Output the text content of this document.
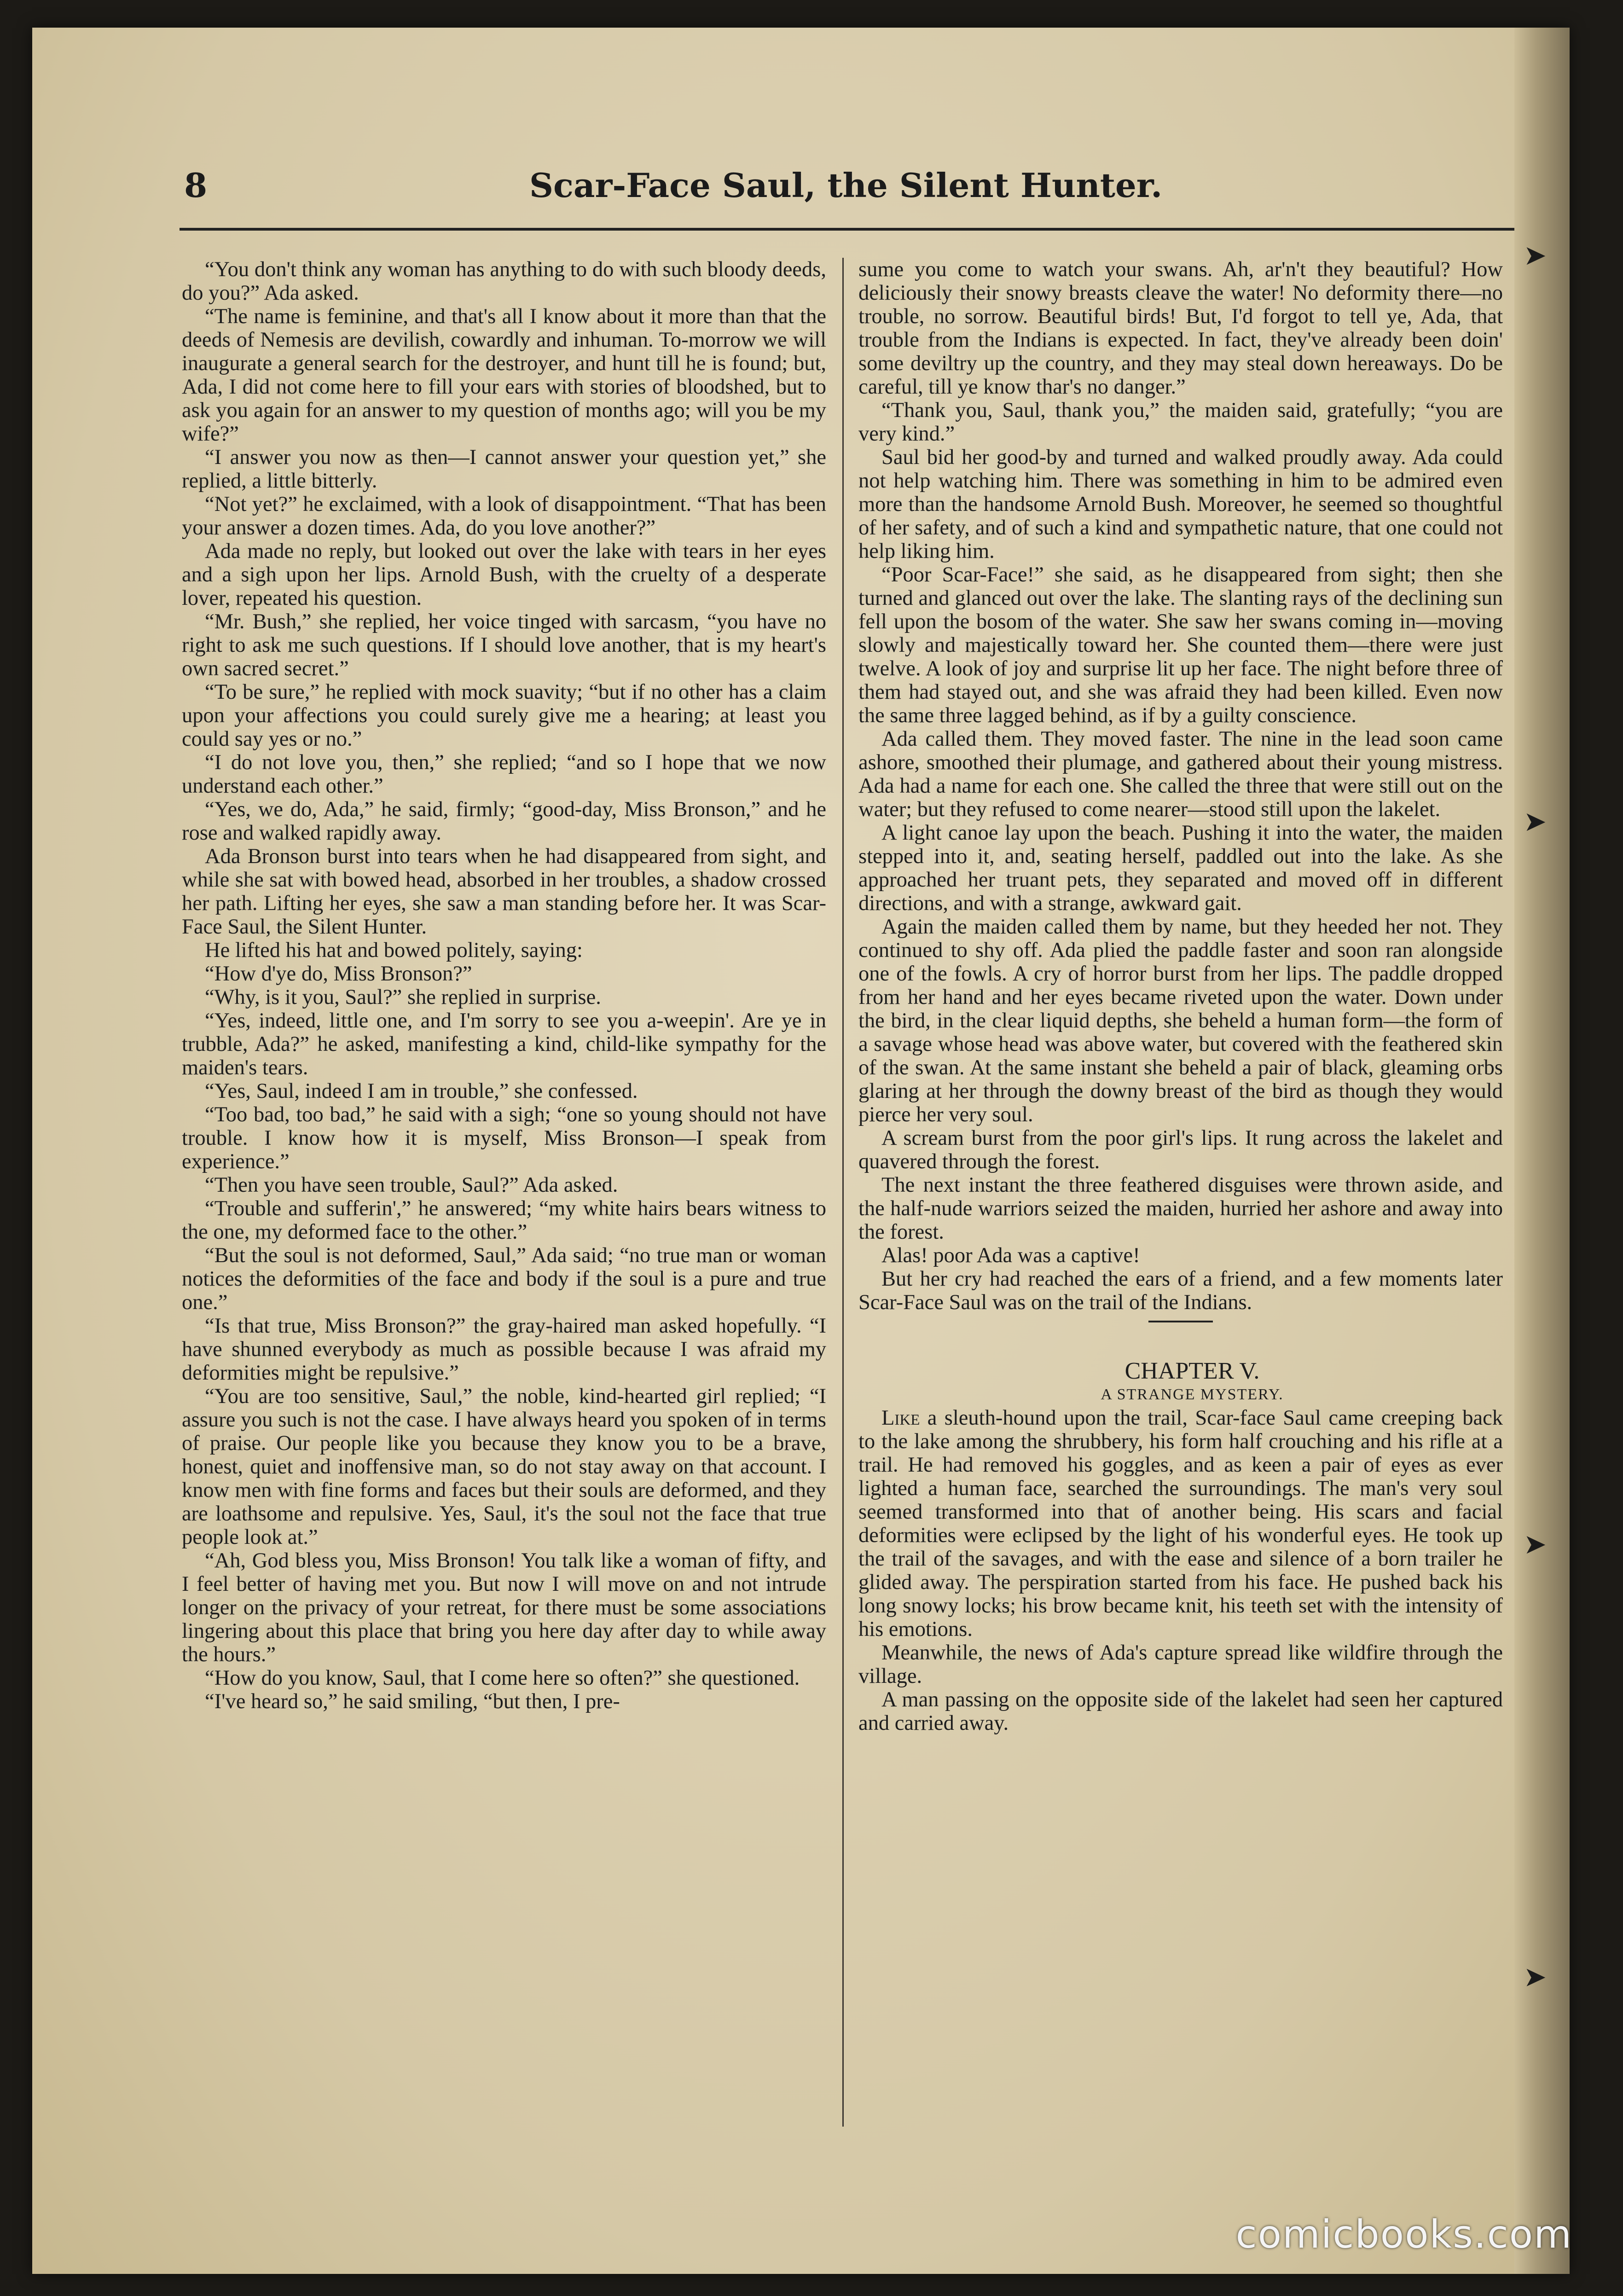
➤
➤
➤
➤
8	Scar-Face Saul, the Silent Hunter.

“You don't think any woman has anything to do with such bloody deeds, do you?” Ada asked.

“The name is feminine, and that's all I know about it more than that the deeds of Nemesis are devilish, cowardly and inhuman. To-morrow we will inaugurate a general search for the destroyer, and hunt till he is found; but, Ada, I did not come here to fill your ears with stories of bloodshed, but to ask you again for an answer to my question of months ago; will you be my wife?”

“I answer you now as then—I cannot answer your question yet,” she replied, a little bitterly.

“Not yet?” he exclaimed, with a look of disappointment. “That has been your answer a dozen times. Ada, do you love another?”

Ada made no reply, but looked out over the lake with tears in her eyes and a sigh upon her lips. Arnold Bush, with the cruelty of a desperate lover, repeated his question.

“Mr. Bush,” she replied, her voice tinged with sarcasm, “you have no right to ask me such questions. If I should love another, that is my heart's own sacred secret.”

“To be sure,” he replied with mock suavity; “but if no other has a claim upon your affections you could surely give me a hearing; at least you could say yes or no.”

“I do not love you, then,” she replied; “and so I hope that we now understand each other.”

“Yes, we do, Ada,” he said, firmly; “good-day, Miss Bronson,” and he rose and walked rapidly away.

Ada Bronson burst into tears when he had disappeared from sight, and while she sat with bowed head, absorbed in her troubles, a shadow crossed her path. Lifting her eyes, she saw a man standing before her. It was Scar-Face Saul, the Silent Hunter.

He lifted his hat and bowed politely, saying:

“How d'ye do, Miss Bronson?”

“Why, is it you, Saul?” she replied in surprise.

“Yes, indeed, little one, and I'm sorry to see you a-weepin'. Are ye in trubble, Ada?” he asked, manifesting a kind, child-like sympathy for the maiden's tears.

“Yes, Saul, indeed I am in trouble,” she confessed.

“Too bad, too bad,” he said with a sigh; “one so young should not have trouble. I know how it is myself, Miss Bronson—I speak from experience.”

“Then you have seen trouble, Saul?” Ada asked.

“Trouble and sufferin',” he answered; “my white hairs bears witness to the one, my deformed face to the other.”

“But the soul is not deformed, Saul,” Ada said; “no true man or woman notices the deformities of the face and body if the soul is a pure and true one.”

“Is that true, Miss Bronson?” the gray-haired man asked hopefully. “I have shunned everybody as much as possible because I was afraid my deformities might be repulsive.”

“You are too sensitive, Saul,” the noble, kind-hearted girl replied; “I assure you such is not the case. I have always heard you spoken of in terms of praise. Our people like you because they know you to be a brave, honest, quiet and inoffensive man, so do not stay away on that account. I know men with fine forms and faces but their souls are deformed, and they are loathsome and repulsive. Yes, Saul, it's the soul not the face that true people look at.”

“Ah, God bless you, Miss Bronson! You talk like a woman of fifty, and I feel better of having met you. But now I will move on and not intrude longer on the privacy of your retreat, for there must be some associations lingering about this place that bring you here day after day to while away the hours.”

“How do you know, Saul, that I come here so often?” she questioned.

“I've heard so,” he said smiling, “but then, I pre-

sume you come to watch your swans. Ah, ar'n't they beautiful? How deliciously their snowy breasts cleave the water! No deformity there—no trouble, no sorrow. Beautiful birds! But, I'd forgot to tell ye, Ada, that trouble from the Indians is expected. In fact, they've already been doin' some deviltry up the country, and they may steal down hereaways. Do be careful, till ye know thar's no danger.”

“Thank you, Saul, thank you,” the maiden said, gratefully; “you are very kind.”

Saul bid her good-by and turned and walked proudly away. Ada could not help watching him. There was something in him to be admired even more than the handsome Arnold Bush. Moreover, he seemed so thoughtful of her safety, and of such a kind and sympathetic nature, that one could not help liking him.

“Poor Scar-Face!” she said, as he disappeared from sight; then she turned and glanced out over the lake. The slanting rays of the declining sun fell upon the bosom of the water. She saw her swans coming in—moving slowly and majestically toward her. She counted them—there were just twelve. A look of joy and surprise lit up her face. The night before three of them had stayed out, and she was afraid they had been killed. Even now the same three lagged behind, as if by a guilty conscience.

Ada called them. They moved faster. The nine in the lead soon came ashore, smoothed their plumage, and gathered about their young mistress. Ada had a name for each one. She called the three that were still out on the water; but they refused to come nearer—stood still upon the lakelet.

A light canoe lay upon the beach. Pushing it into the water, the maiden stepped into it, and, seating herself, paddled out into the lake. As she approached her truant pets, they separated and moved off in different directions, and with a strange, awkward gait.

Again the maiden called them by name, but they heeded her not. They continued to shy off. Ada plied the paddle faster and soon ran alongside one of the fowls. A cry of horror burst from her lips. The paddle dropped from her hand and her eyes became riveted upon the water. Down under the bird, in the clear liquid depths, she beheld a human form—the form of a savage whose head was above water, but covered with the feathered skin of the swan. At the same instant she beheld a pair of black, gleaming orbs glaring at her through the downy breast of the bird as though they would pierce her very soul.

A scream burst from the poor girl's lips. It rung across the lakelet and quavered through the forest.

The next instant the three feathered disguises were thrown aside, and the half-nude warriors seized the maiden, hurried her ashore and away into the forest.

Alas! poor Ada was a captive!

But her cry had reached the ears of a friend, and a few moments later Scar-Face Saul was on the trail of the Indians.

CHAPTER V.

A STRANGE MYSTERY.

Like a sleuth-hound upon the trail, Scar-face Saul came creeping back to the lake among the shrubbery, his form half crouching and his rifle at a trail. He had removed his goggles, and as keen a pair of eyes as ever lighted a human face, searched the surroundings. The man's very soul seemed transformed into that of another being. His scars and facial deformities were eclipsed by the light of his wonderful eyes. He took up the trail of the savages, and with the ease and silence of a born trailer he glided away. The perspiration started from his face. He pushed back his long snowy locks; his brow became knit, his teeth set with the intensity of his emotions.

Meanwhile, the news of Ada's capture spread like wildfire through the village.

A man passing on the opposite side of the lakelet had seen her captured and carried away.

comicbooks.com
